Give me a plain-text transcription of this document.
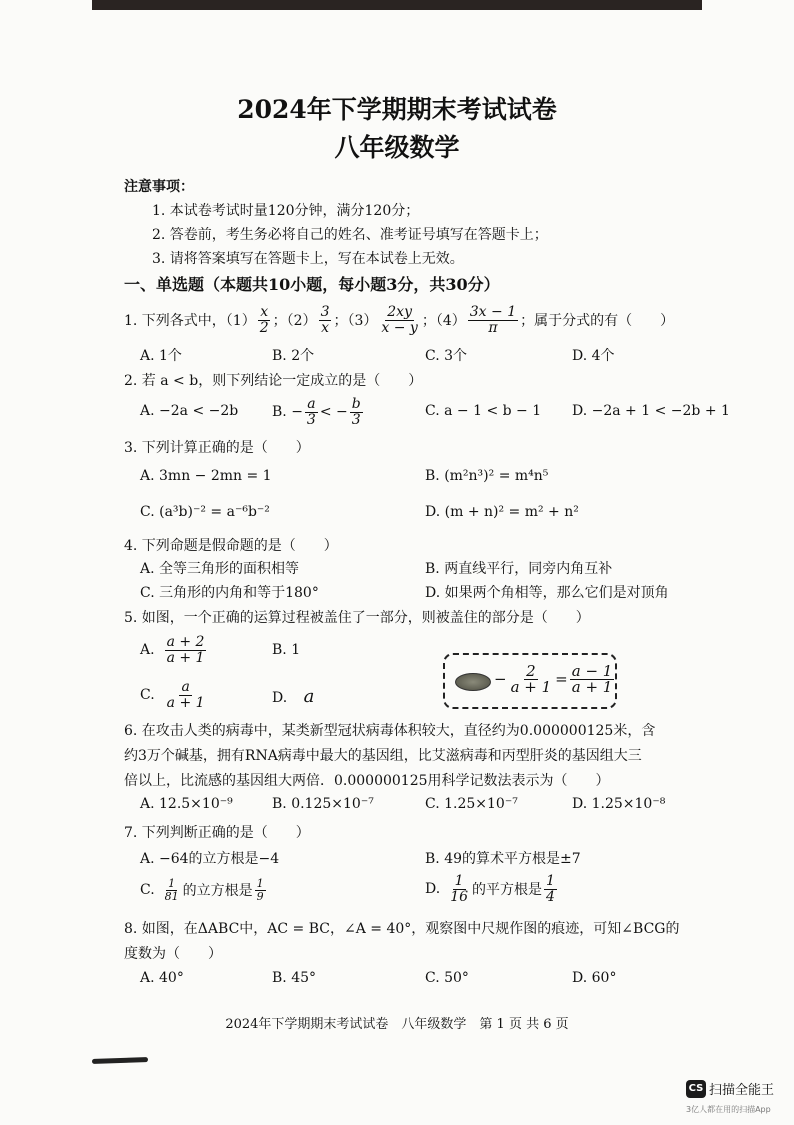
2024年下学期期末考试试卷
八年级数学
注意事项：
1. 本试卷考试时量120分钟，满分120分；
2. 答卷前，考生务必将自己的姓名、准考证号填写在答题卡上；
3. 请将答案填写在答题卡上，写在本试卷上无效。
一、单选题（本题共10小题，每小题3分，共30分）
1. 下列各式中，$(1) \frac{x}{2}$ ；$(2) \frac{3}{x}$ ；$(3) \frac{2xy}{x - y}$ ；$(4) \frac{3x - 1}{\pi}$ ；属于分式的有（　　）
A. 1个	B. 2个	C. 3个	D. 4个
2. 若 a < b，则下列结论一定成立的是（　　）
A. −2a < −2b B. − $\frac{a}{3}$ < − $\frac{b}{3}$	C. a − 1 < b − 1 D. −2a + 1 < −2b + 1
3. 下列计算正确的是（　　）
A. 3mn − 2mn = 1	B. (m²n³)² = m⁴n⁵
C. (a³b)⁻² = a⁻⁶b⁻²	D. (m + n)² = m² + n²
4. 下列命题是假命题的是（　　）
A. 全等三角形的面积相等	B. 两直线平行，同旁内角互补
C. 三角形的内角和等于180°	D. 如果两个角相等，那么它们是对顶角
5. 如图，一个正确的运算过程被盖住了一部分，则被盖住的部分是（　　）
A. $\frac{a + 2}{a + 1}$	B. 1
C. $\frac{a}{a + 1}$	D. a
− $\frac{2}{a + 1} = \frac{a - 1}{a + 1}$
6. 在攻击人类的病毒中，某类新型冠状病毒体积较大，直径约为0.000000125米，含
约3万个碱基，拥有RNA病毒中最大的基因组，比艾滋病毒和丙型肝炎的基因组大三
倍以上，比流感的基因组大两倍．0.000000125用科学记数法表示为（　　）
A. 12.5×10⁻⁹	B. 0.125×10⁻⁷	C. 1.25×10⁻⁷	D. 1.25×10⁻⁸
7. 下列判断正确的是（　　）
A. −64的立方根是−4	B. 49的算术平方根是±7
C. $\frac{1}{81}$ 的立方根是 $\frac{1}{9}$	D. $\frac{1}{16}$ 的平方根是 $\frac{1}{4}$
8. 如图，在ΔABC中，AC = BC，∠A = 40°，观察图中尺规作图的痕迹，可知∠BCG的
度数为（　　）
A. 40°	B. 45°	C. 50°	D. 60°
2024年下学期期末考试试卷　八年级数学　第 1 页 共 6 页
CS 扫描全能王
3亿人都在用的扫描App
